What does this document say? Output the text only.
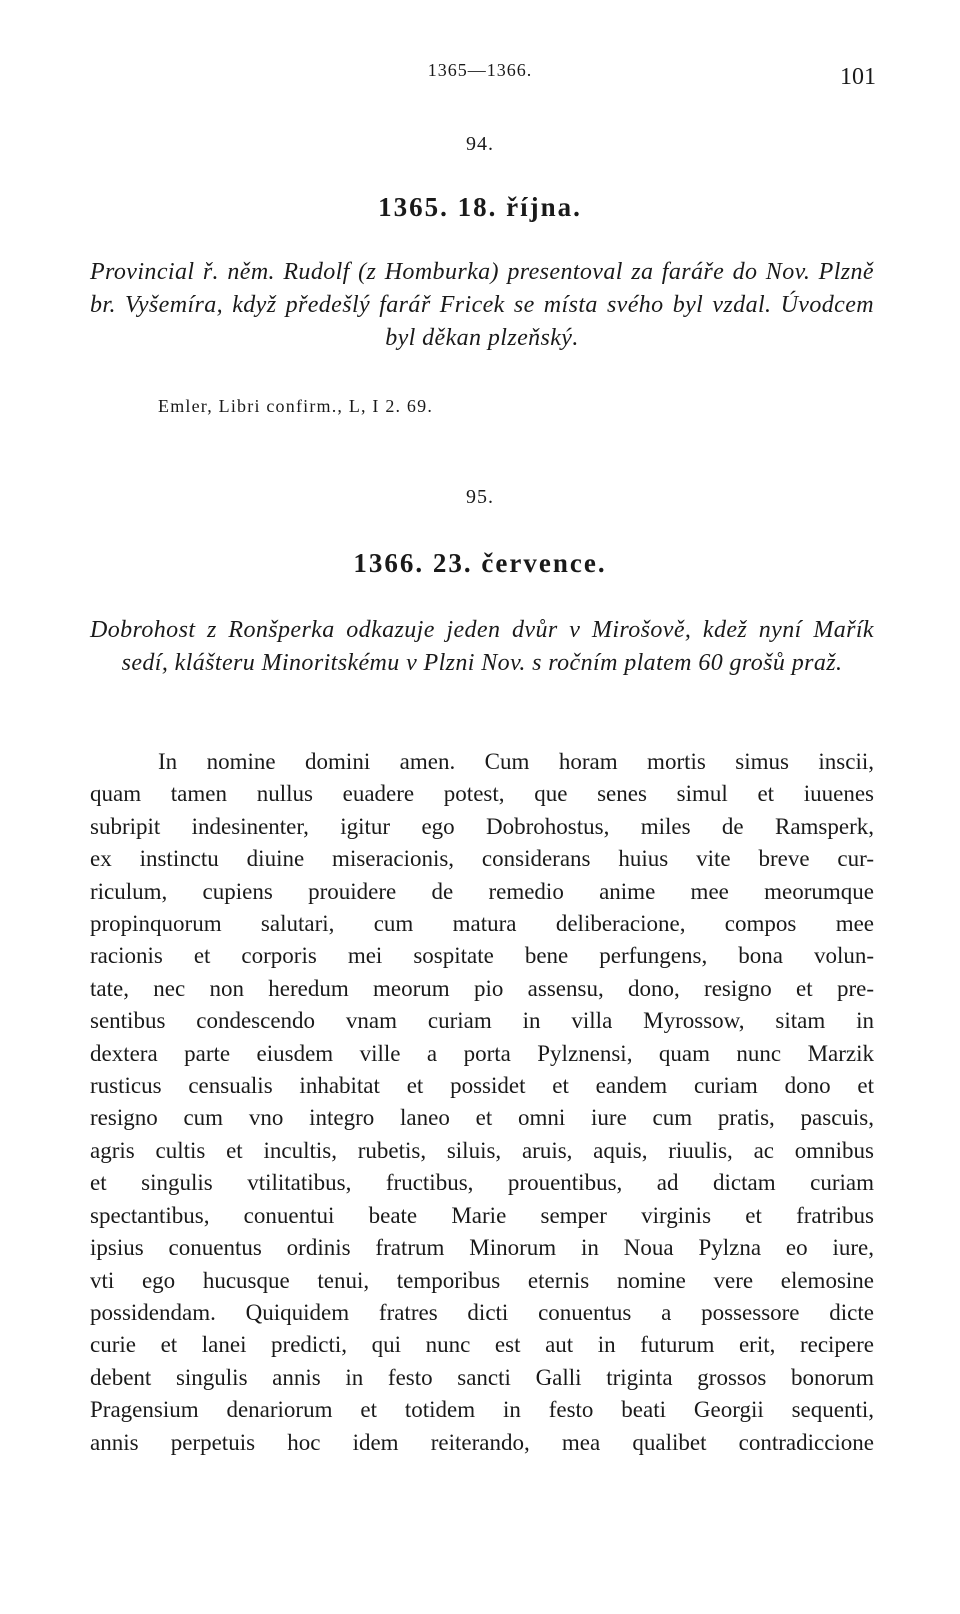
1365—1366.	101
94.
1365. 18. října.
Provincial ř. něm. Rudolf (z Homburka) presentoval za faráře do Nov. Plzně br. Vyšemíra, když předešlý farář Fricek se místa svého byl vzdal. Úvodcem byl děkan plzeňský.
Emler, Libri confirm., L, I 2. 69.
95.
1366. 23. července.
Dobrohost z Ronšperka odkazuje jeden dvůr v Mirošově, kdež nyní Mařík sedí, klášteru Minoritskému v Plzni Nov. s ročním platem 60 grošů praž.
In nomine domini amen. Cum horam mortis simus inscii,
quam tamen nullus euadere potest, que senes simul et iuuenes
subripit indesinenter, igitur ego Dobrohostus, miles de Ramsperk,
ex instinctu diuine miseracionis, considerans huius vite breve cur-
riculum, cupiens prouidere de remedio anime mee meorumque
propinquorum salutari, cum matura deliberacione, compos mee
racionis et corporis mei sospitate bene perfungens, bona volun-
tate, nec non heredum meorum pio assensu, dono, resigno et pre-
sentibus condescendo vnam curiam in villa Myrossow, sitam in
dextera parte eiusdem ville a porta Pylznensi, quam nunc Marzik
rusticus censualis inhabitat et possidet et eandem curiam dono et
resigno cum vno integro laneo et omni iure cum pratis, pascuis,
agris cultis et incultis, rubetis, siluis, aruis, aquis, riuulis, ac omnibus
et singulis vtilitatibus, fructibus, prouentibus, ad dictam curiam
spectantibus, conuentui beate Marie semper virginis et fratribus
ipsius conuentus ordinis fratrum Minorum in Noua Pylzna eo iure,
vti ego hucusque tenui, temporibus eternis nomine vere elemosine
possidendam. Quiquidem fratres dicti conuentus a possessore dicte
curie et lanei predicti, qui nunc est aut in futurum erit, recipere
debent singulis annis in festo sancti Galli triginta grossos bonorum
Pragensium denariorum et totidem in festo beati Georgii sequenti,
annis perpetuis hoc idem reiterando, mea qualibet contradiccione
